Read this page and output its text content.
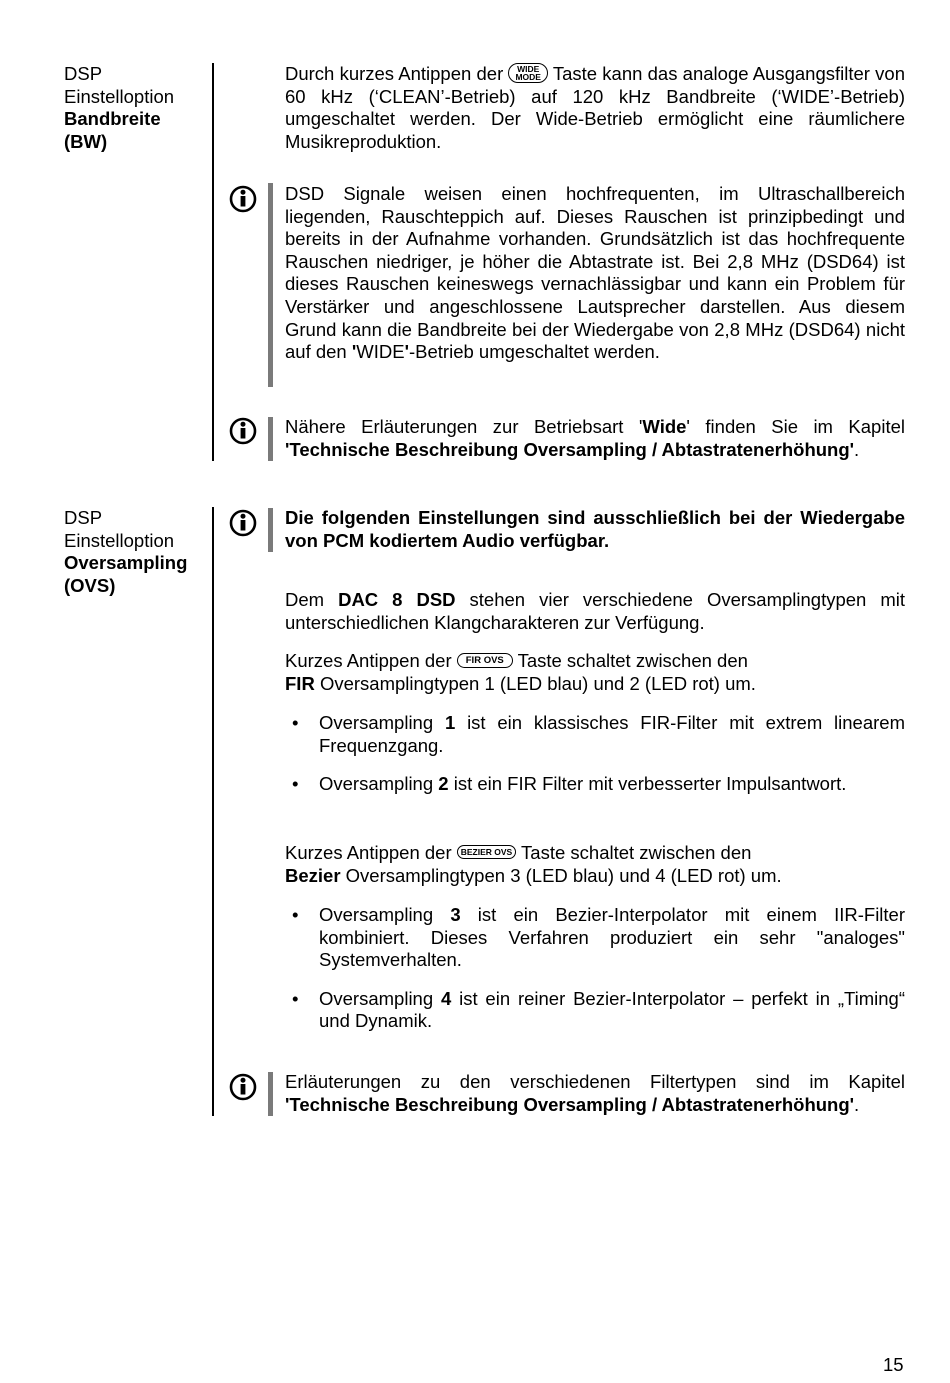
DSP
Einstelloption
Bandbreite
(BW)

Durch kurzes Antippen der WIDE
MODE Taste kann das analoge Ausgangsfilter von 60 kHz (‘CLEAN’-Betrieb) auf 120 kHz Bandbreite (‘WIDE’-Betrieb) umgeschaltet werden. Der Wide-Betrieb ermöglicht eine räumlichere Musikreproduktion.

DSD Signale weisen einen hochfrequenten, im Ultraschallbereich liegenden, Rauschteppich auf. Dieses Rauschen ist prinzipbedingt und bereits in der Aufnahme vorhanden. Grundsätzlich ist das hochfrequente Rauschen niedriger, je höher die Abtastrate ist. Bei 2,8 MHz (DSD64) ist dieses Rauschen keineswegs vernachlässigbar und kann ein Problem für Verstärker und angeschlossene Lautsprecher darstellen. Aus diesem Grund kann die Bandbreite bei der Wiedergabe von 2,8 MHz (DSD64) nicht auf den 'WIDE'-Betrieb umgeschaltet werden.

Nähere Erläuterungen zur Betriebsart 'Wide' finden Sie im Kapitel

'Technische Beschreibung Oversampling / Abtastratenerhöhung'.

DSP
Einstelloption
Oversampling
(OVS)

Die folgenden Einstellungen sind ausschließlich bei der Wiedergabe von PCM kodiertem Audio verfügbar.

Dem DAC 8 DSD stehen vier verschiedene Oversamplingtypen mit unterschiedlichen Klangcharakteren zur Verfügung.

Kurzes Antippen der FIR OVS Taste schaltet zwischen den

FIR Oversamplingtypen 1 (LED blau) und 2 (LED rot) um.

• Oversampling 1 ist ein klassisches FIR-Filter mit extrem linearem Frequenzgang.
• Oversampling 2 ist ein FIR Filter mit verbesserter Impulsantwort.

Kurzes Antippen der BEZIER OVS Taste schaltet zwischen den

Bezier Oversamplingtypen 3 (LED blau) und 4 (LED rot) um.

• Oversampling 3 ist ein Bezier-Interpolator mit einem IIR-Filter kombiniert. Dieses Verfahren produziert ein sehr "analoges" Systemverhalten.
• Oversampling 4 ist ein reiner Bezier-Interpolator – perfekt in „Timing“ und Dynamik.

Erläuterungen zu den verschiedenen Filtertypen sind im Kapitel

'Technische Beschreibung Oversampling / Abtastratenerhöhung'.

15
